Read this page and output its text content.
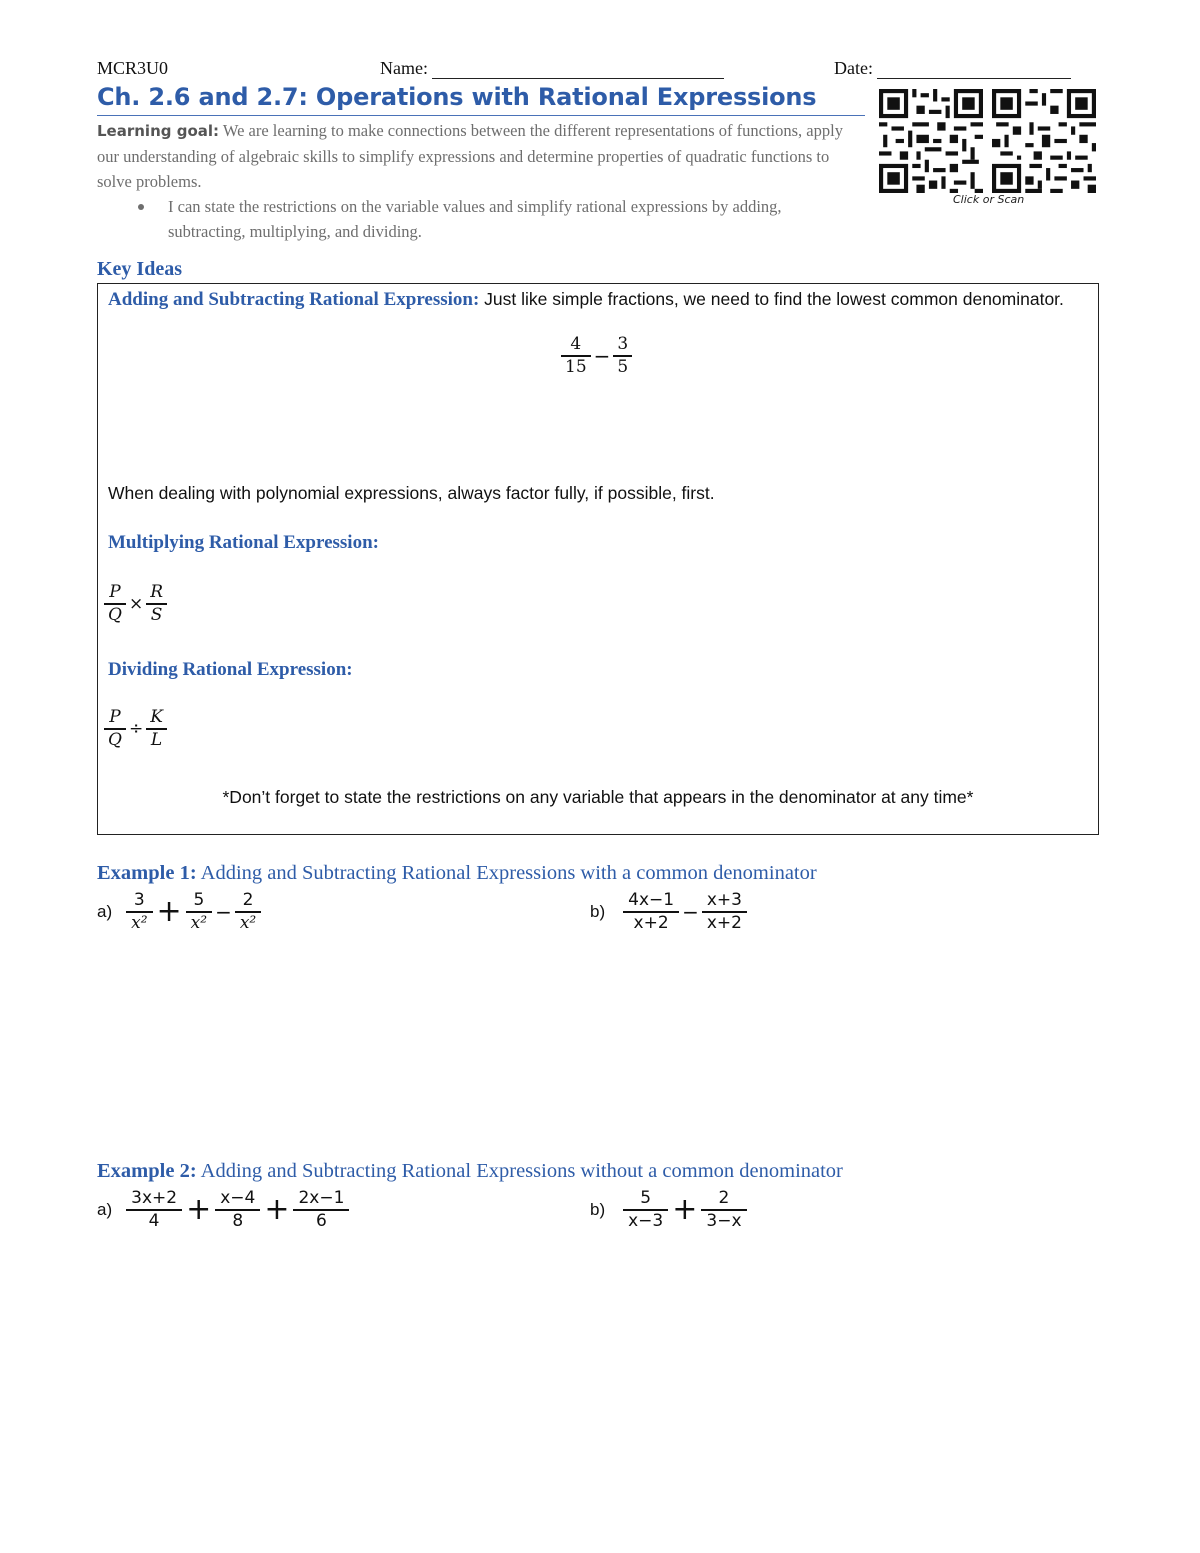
MCR3U0	Name:	Date:
Ch. 2.6 and 2.7: Operations with Rational Expressions
Learning goal: We are learning to make connections between the different representations of functions, apply our understanding of algebraic skills to simplify expressions and determine properties of quadratic functions to solve problems.
I can state the restrictions on the variable values and simplify rational expressions by adding, subtracting, multiplying, and dividing.
Click or Scan
Key Ideas
Adding and Subtracting Rational Expression: Just like simple fractions, we need to find the lowest common denominator.
$\frac{4}{15} - \frac{3}{5}$
When dealing with polynomial expressions, always factor fully, if possible, first.
Multiplying Rational Expression:
$\frac{P}{Q} \times \frac{R}{S}$
Dividing Rational Expression:
$\frac{P}{Q} \div \frac{K}{L}$
*Don’t forget to state the restrictions on any variable that appears in the denominator at any time*
Example 1: Adding and Subtracting Rational Expressions with a common denominator
$a) \frac{3}{\text{x²}} + \frac{5}{\text{x²}} - \frac{2}{\text{x²}}$	$b) \frac{4x-1}{x+2} - \frac{x+3}{x+2}$
Example 2: Adding and Subtracting Rational Expressions without a common denominator
$a) \frac{3x+2}{4} + \frac{x-4}{8} + \frac{2x-1}{6}$	$b) \frac{5}{x-3} + \frac{2}{3-x}$
